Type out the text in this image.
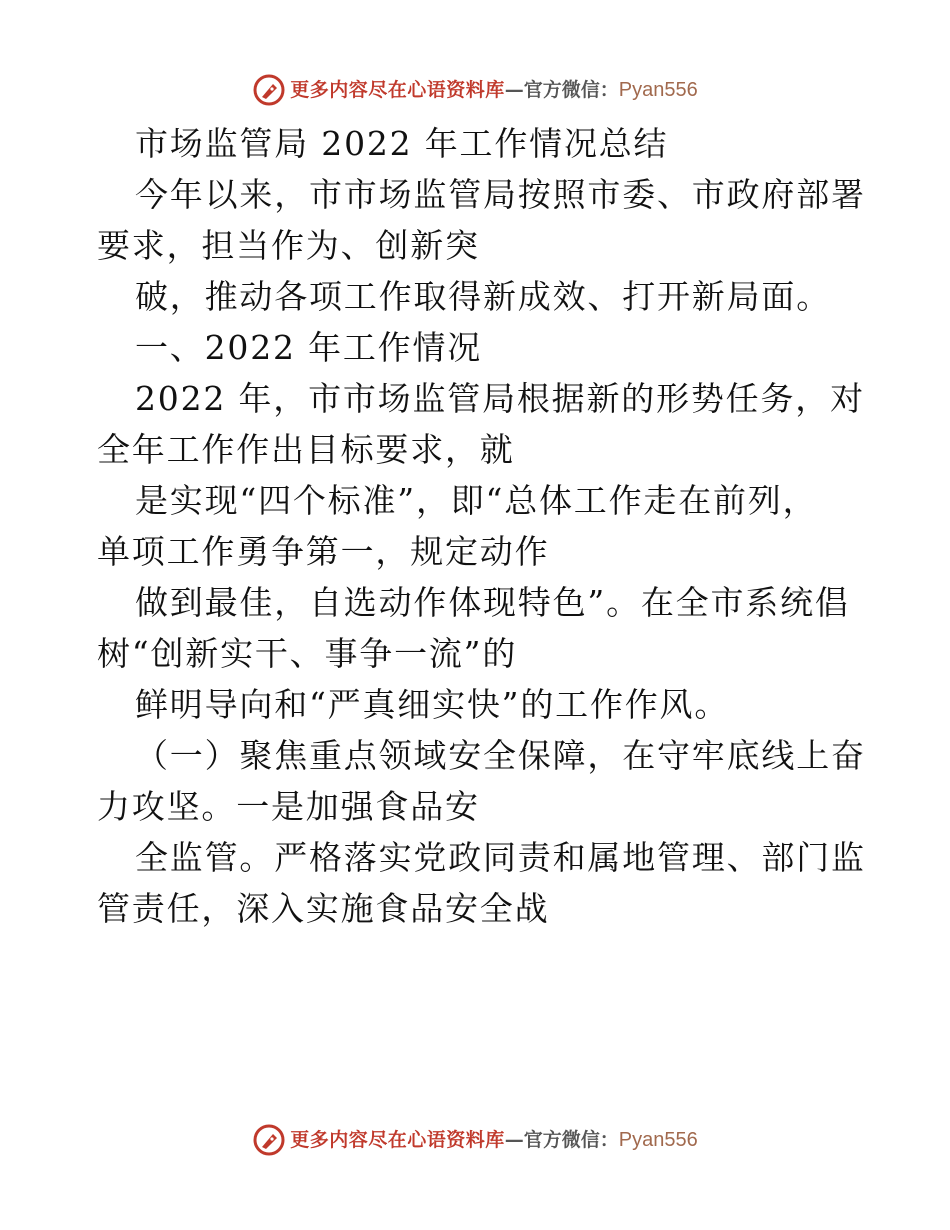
更多内容尽在心语资料库 — 官方微信： Pyan556
市场监管局 2022 年工作情况总结
今年以来，市市场监管局按照市委、市政府部署
要求，担当作为、创新突
破，推动各项工作取得新成效、打开新局面。
一、2022 年工作情况
2022 年，市市场监管局根据新的形势任务，对
全年工作作出目标要求，就
是实现“四个标准”，即“总体工作走在前列，
单项工作勇争第一，规定动作
做到最佳，自选动作体现特色”。在全市系统倡
树“创新实干、事争一流”的
鲜明导向和“严真细实快”的工作作风。
（一）聚焦重点领域安全保障，在守牢底线上奋
力攻坚。一是加强食品安
全监管。严格落实党政同责和属地管理、部门监
管责任，深入实施食品安全战
更多内容尽在心语资料库 — 官方微信： Pyan556
